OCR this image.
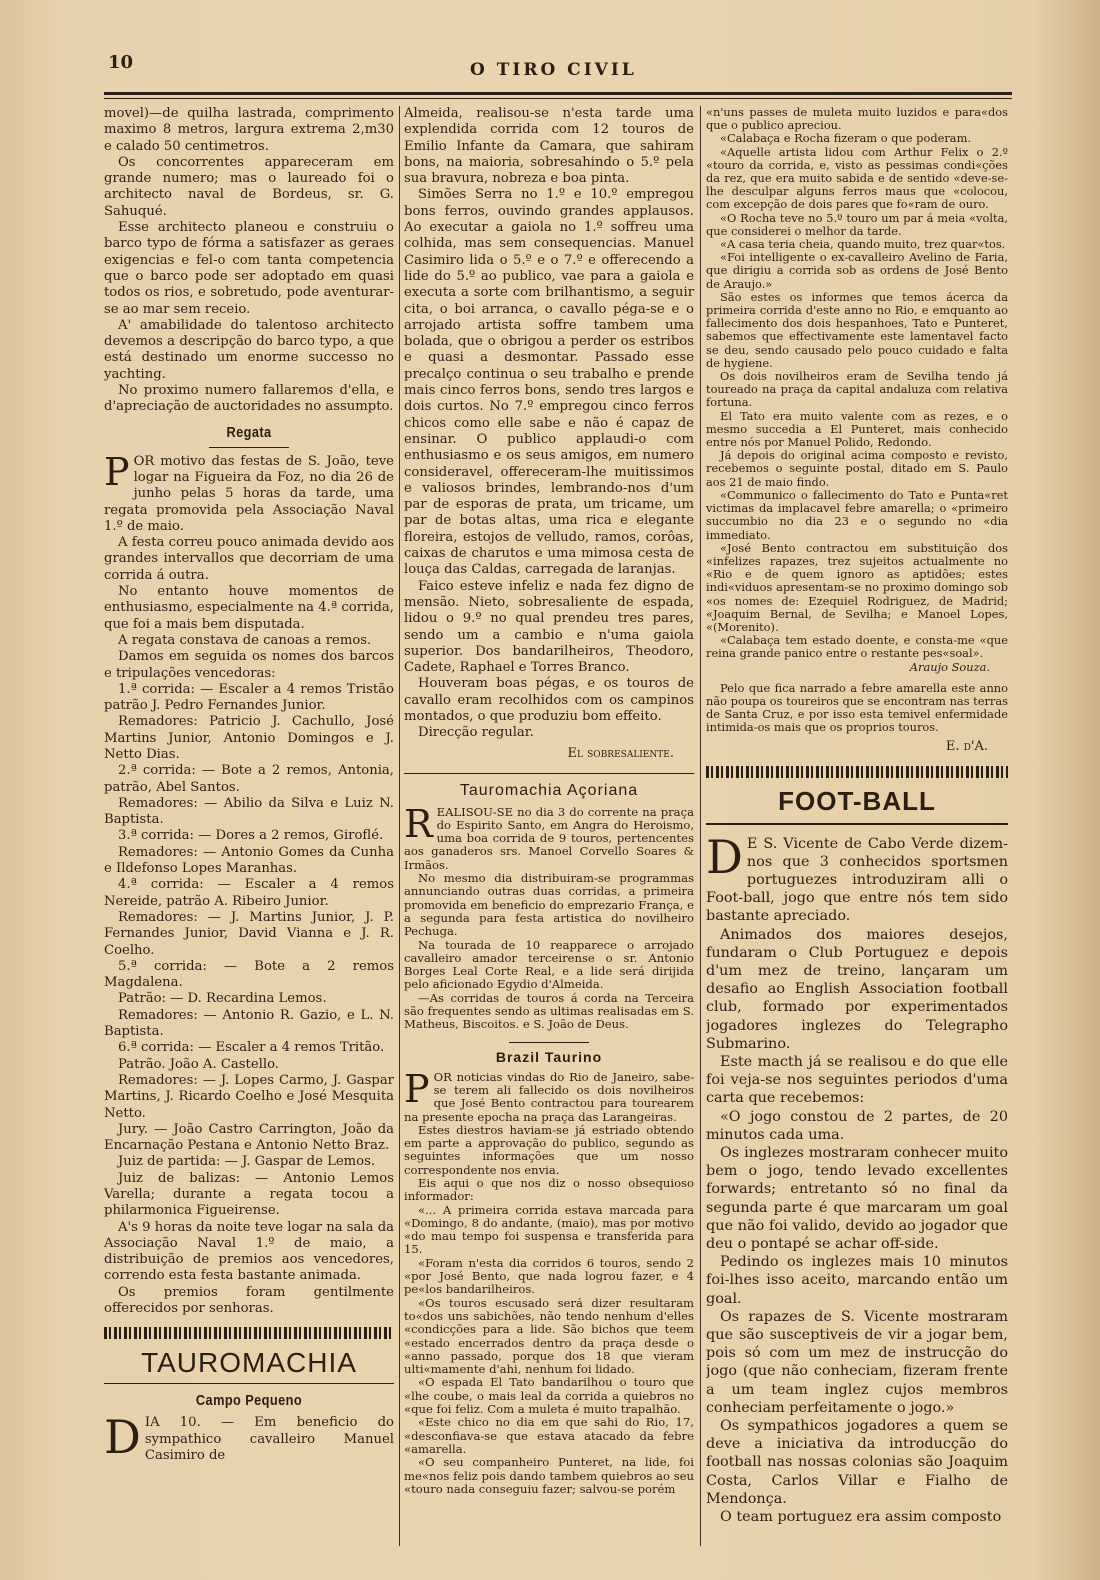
10	O TIRO CIVIL

movel)—de quilha lastrada, comprimento maximo 8 metros, largura extrema 2,m30 e calado 50 centimetros.

Os concorrentes appareceram em grande numero; mas o laureado foi o architecto naval de Bordeus, sr. G. Sahuqué.

Esse architecto planeou e construiu o barco typo de fórma a satisfazer as geraes exigencias e fel-o com tanta competencia que o barco pode ser adoptado em quasi todos os rios, e sobretudo, pode aventurar-se ao mar sem receio.

A' amabilidade do talentoso architecto devemos a descripção do barco typo, a que está destinado um enorme successo no yachting.

No proximo numero fallaremos d'ella, e d'apreciação de auctoridades no assumpto.

Regata

POR motivo das festas de S. João, teve logar na Figueira da Foz, no dia 26 de junho pelas 5 horas da tarde, uma regata promovida pela Associação Naval 1.º de maio.

A festa correu pouco animada devido aos grandes intervallos que decorriam de uma corrida á outra.

No entanto houve momentos de enthusiasmo, especialmente na 4.ª corrida, que foi a mais bem disputada.

A regata constava de canoas a remos.

Damos em seguida os nomes dos barcos e tripulações vencedoras:

1.ª corrida: — Escaler a 4 remos Tristão patrão J. Pedro Fernandes Junior.

Remadores: Patricio J. Cachullo, José Martins Junior, Antonio Domingos e J. Netto Dias.

2.ª corrida: — Bote a 2 remos, Antonia, patrão, Abel Santos.

Remadores: — Abilio da Silva e Luiz N. Baptista.

3.ª corrida: — Dores a 2 remos, Giroflé.

Remadores: — Antonio Gomes da Cunha e Ildefonso Lopes Maranhas.

4.ª corrida: — Escaler a 4 remos Nereide, patrão A. Ribeiro Junior.

Remadores: — J. Martins Junior, J. P. Fernandes Junior, David Vianna e J. R. Coelho.

5.ª corrida: — Bote a 2 remos Magdalena.

Patrão: — D. Recardina Lemos.

Remadores: — Antonio R. Gazio, e L. N. Baptista.

6.ª corrida: — Escaler a 4 remos Tritão.

Patrão. João A. Castello.

Remadores: — J. Lopes Carmo, J. Gaspar Martins, J. Ricardo Coelho e José Mesquita Netto.

Jury. — João Castro Carrington, João da Encarnação Pestana e Antonio Netto Braz.

Juiz de partida: — J. Gaspar de Lemos.

Juiz de balizas: — Antonio Lemos Varella; durante a regata tocou a philarmonica Figueirense.

A's 9 horas da noite teve logar na sala da Associação Naval 1.º de maio, a distribuição de premios aos vencedores, correndo esta festa bastante animada.

Os premios foram gentilmente offerecidos por senhoras.

TAUROMACHIA
Campo Pequeno

DIA 10. — Em beneficio do sympathico cavalleiro Manuel Casimiro de

Almeida, realisou-se n'esta tarde uma explendida corrida com 12 touros de Emilio Infante da Camara, que sahiram bons, na maioria, sobresahindo o 5.º pela sua bravura, nobreza e boa pinta.

Simões Serra no 1.º e 10.º empregou bons ferros, ouvindo grandes applausos. Ao executar a gaiola no 1.º soffreu uma colhida, mas sem consequencias. Manuel Casimiro lida o 5.º e o 7.º e offerecendo a lide do 5.º ao publico, vae para a gaiola e executa a sorte com brilhantismo, a seguir cita, o boi arranca, o cavallo péga-se e o arrojado artista soffre tambem uma bolada, que o obrigou a perder os estribos e quasi a desmontar. Passado esse precalço continua o seu trabalho e prende mais cinco ferros bons, sendo tres largos e dois curtos. No 7.º empregou cinco ferros chicos como elle sabe e não é capaz de ensinar. O publico applaudi-o com enthusiasmo e os seus amigos, em numero consideravel, offereceram-lhe muitissimos e valiosos brindes, lembrando-nos d'um par de esporas de prata, um tricame, um par de botas altas, uma rica e elegante floreira, estojos de velludo, ramos, corôas, caixas de charutos e uma mimosa cesta de louça das Caldas, carregada de laranjas.

Faico esteve infeliz e nada fez digno de mensão. Nieto, sobresaliente de espada, lidou o 9.º no qual prendeu tres pares, sendo um a cambio e n'uma gaiola superior. Dos bandarilheiros, Theodoro, Cadete, Raphael e Torres Branco.

Houveram boas pégas, e os touros de cavallo eram recolhidos com os campinos montados, o que produziu bom effeito.

Direcção regular.

El sobresaliente.
Tauromachia Açoriana

REALISOU-SE no dia 3 do corrente na praça do Espirito Santo, em Angra do Heroismo, uma boa corrida de 9 touros, pertencentes aos ganaderos srs. Manoel Corvello Soares & Irmãos.

No mesmo dia distribuiram-se programmas annunciando outras duas corridas, a primeira promovida em beneficio do emprezario França, e a segunda para festa artistica do novilheiro Pechuga.

Na tourada de 10 reapparece o arrojado cavalleiro amador terceirense o sr. Antonio Borges Leal Corte Real, e a lide será dirijida pelo aficionado Egydio d'Almeida.

—As corridas de touros á corda na Terceira são frequentes sendo as ultimas realisadas em S. Matheus, Biscoitos. e S. João de Deus.

Brazil Taurino

POR noticias vindas do Rio de Janeiro, sabe-se terem ali fallecido os dois novilheiros que José Bento contractou para tourearem na presente epocha na praça das Larangeiras.

Estes diestros haviam-se já estriado obtendo em parte a approvação do publico, segundo as seguintes informações que um nosso correspondente nos envia.

Eis aqui o que nos diz o nosso obsequioso informador:

«... A primeira corrida estava marcada para «Domingo, 8 do andante, (maio), mas por motivo «do mau tempo foi suspensa e transferida para 15.

«Foram n'esta dia corridos 6 touros, sendo 2 «por José Bento, que nada logrou fazer, e 4 pe«los bandarilheiros.

«Os touros escusado será dizer resultaram to«dos uns sabichões, não tendo nenhum d'elles «condicções para a lide. São bichos que teem «estado encerrados dentro da praça desde o «anno passado, porque dos 18 que vieram ulti«mamente d'ahi, nenhum foi lidado.

«O espada El Tato bandarilhou o touro que «lhe coube, o mais leal da corrida a quiebros no «que foi feliz. Com a muleta é muito trapalhão.

«Este chico no dia em que sahi do Rio, 17, «desconfiava-se que estava atacado da febre «amarella.

«O seu companheiro Punteret, na lide, foi me«nos feliz pois dando tambem quiebros ao seu «touro nada conseguiu fazer; salvou-se porém

«n'uns passes de muleta muito luzidos e para«dos que o publico apreciou.

«Calabaça e Rocha fizeram o que poderam.

«Aquelle artista lidou com Arthur Felix o 2.º «touro da corrida, e, visto as pessimas condi«ções da rez, que era muito sabida e de sentido «deve-se-lhe desculpar alguns ferros maus que «colocou, com excepção de dois pares que fo«ram de ouro.

«O Rocha teve no 5.º touro um par á meia «volta, que considerei o melhor da tarde.

«A casa teria cheia, quando muito, trez quar«tos.

«Foi intelligente o ex-cavalleiro Avelino de Faria, que dirigiu a corrida sob as ordens de José Bento de Araujo.»

São estes os informes que temos ácerca da primeira corrida d'este anno no Rio, e emquanto ao fallecimento dos dois hespanhoes, Tato e Punteret, sabemos que effectivamente este lamentavel facto se deu, sendo causado pelo pouco cuidado e falta de hygiene.

Os dois novilheiros eram de Sevilha tendo já toureado na praça da capital andaluza com relativa fortuna.

El Tato era muito valente com as rezes, e o mesmo succedia a El Punteret, mais conhecido entre nós por Manuel Polido, Redondo.

Já depois do original acima composto e revisto, recebemos o seguinte postal, ditado em S. Paulo aos 21 de maio findo.

«Communico o fallecimento do Tato e Punta«ret victimas da implacavel febre amarella; o «primeiro succumbio no dia 23 e o segundo no «dia immediato.

«José Bento contractou em substituição dos «infelizes rapazes, trez sujeitos actualmente no «Rio e de quem ignoro as aptidões; estes indi«viduos apresentam-se no proximo domingo sob «os nomes de: Ezequiel Rodriguez, de Madrid; «Joaquim Bernal, de Sevilha; e Manoel Lopes, «(Morenito).

«Calabaça tem estado doente, e consta-me «que reina grande panico entre o restante pes«soal».

Araujo Souza.

Pelo que fica narrado a febre amarella este anno não poupa os toureiros que se encontram nas terras de Santa Cruz, e por isso esta temivel enfermidade intimida-os mais que os proprios touros.

E. d'A.
FOOT-BALL

D E S. Vicente de Cabo Verde dizem-nos que 3 conhecidos sportsmen portuguezes introduziram alli o Foot-ball, jogo que entre nós tem sido bastante apreciado.

Animados dos maiores desejos, fundaram o Club Portuguez e depois d'um mez de treino, lançaram um desafio ao English Association football club, formado por experimentados jogadores inglezes do Telegrapho Submarino.

Este macth já se realisou e do que elle foi veja-se nos seguintes periodos d'uma carta que recebemos:

«O jogo constou de 2 partes, de 20 minutos cada uma.

Os inglezes mostraram conhecer muito bem o jogo, tendo levado excellentes forwards; entretanto só no final da segunda parte é que marcaram um goal que não foi valido, devido ao jogador que deu o pontapé se achar off-side.

Pedindo os inglezes mais 10 minutos foi-lhes isso aceito, marcando então um goal.

Os rapazes de S. Vicente mostraram que são susceptiveis de vir a jogar bem, pois só com um mez de instrucção do jogo (que não conheciam, fizeram frente a um team inglez cujos membros conheciam perfeitamente o jogo.»

Os sympathicos jogadores a quem se deve a iniciativa da introducção do football nas nossas colonias são Joaquim Costa, Carlos Villar e Fialho de Mendonça.

O team portuguez era assim composto
